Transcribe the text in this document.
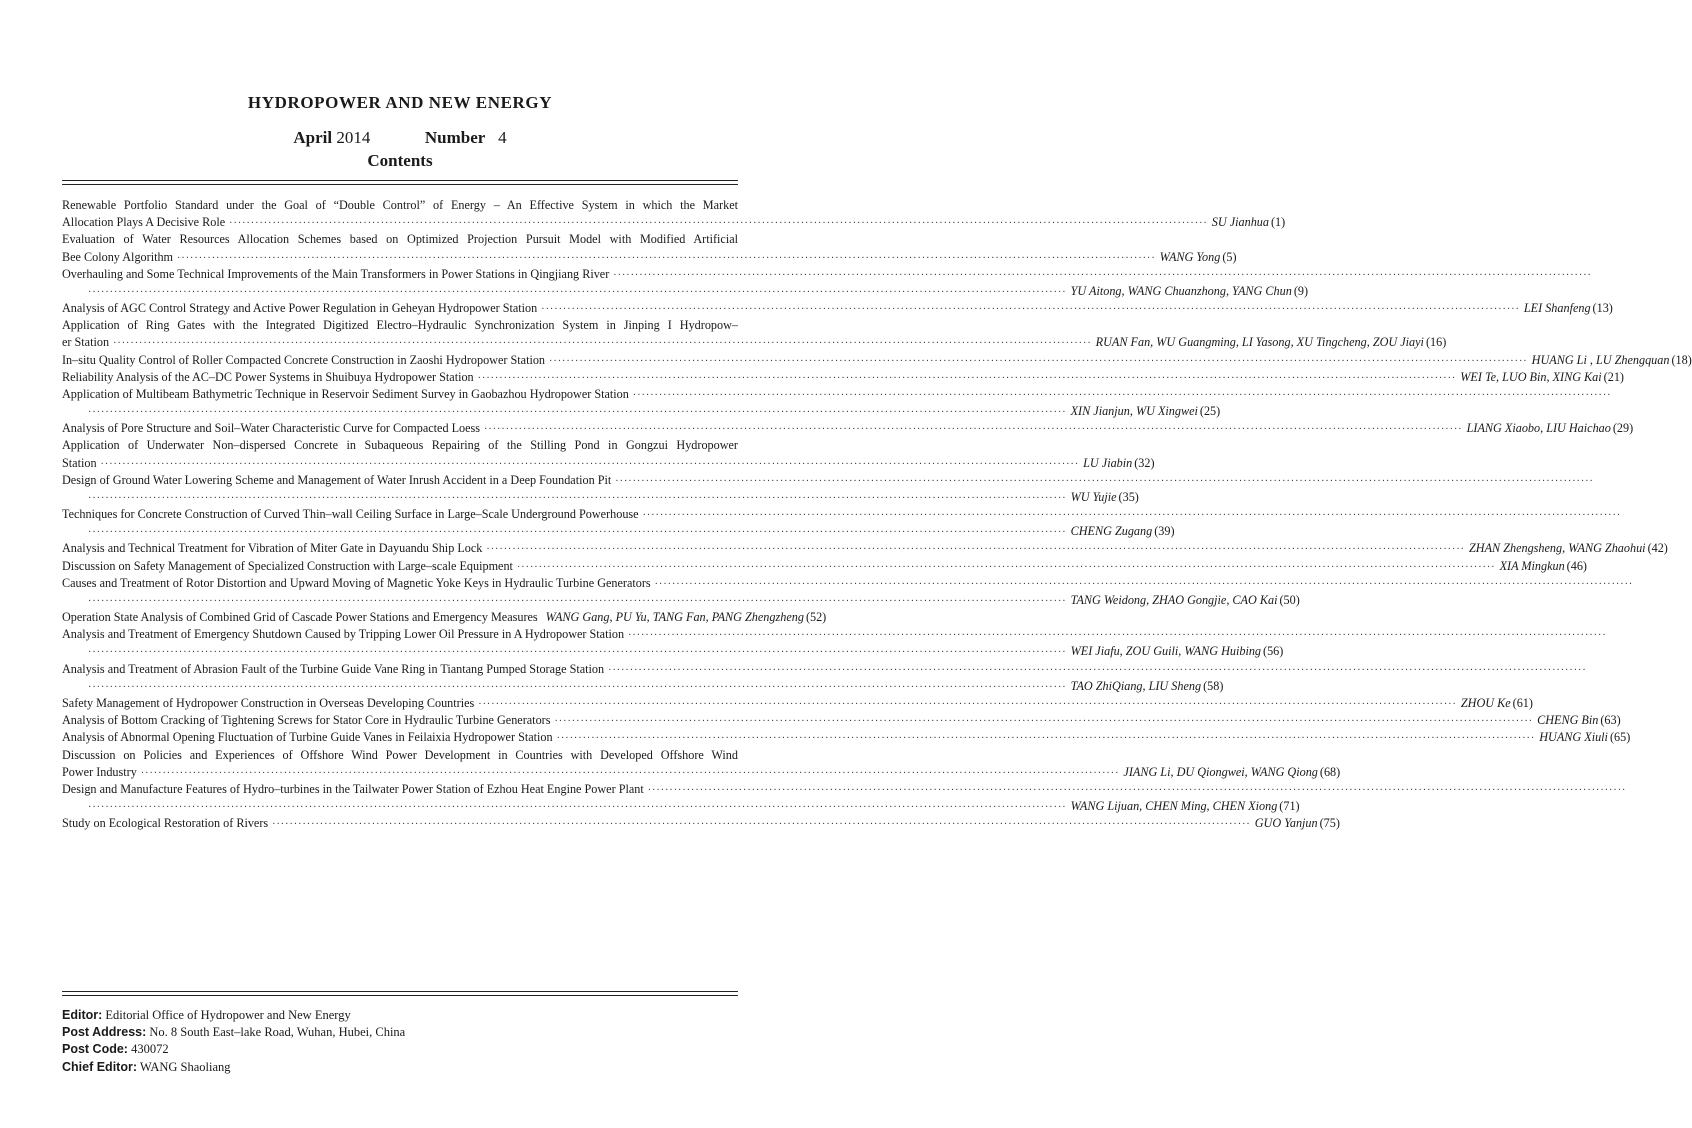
HYDROPOWER AND NEW ENERGY
April 2014	Number 4
Contents
Renewable Portfolio Standard under the Goal of “Double Control” of Energy – An Effective System in which the Market
Allocation Plays A Decisive Role ·····	SU Jianhua (1)
Evaluation of Water Resources Allocation Schemes based on Optimized Projection Pursuit Model with Modified Artificial
Bee Colony Algorithm ·····	WANG Yong (5)
Overhauling and Some Technical Improvements of the Main Transformers in Power Stations in Qingjiang River
·····
·····
YU Aitong, WANG Chuanzhong, YANG Chun (9)
Analysis of AGC Control Strategy and Active Power Regulation in Geheyan Hydropower Station ·····	LEI Shanfeng (13)
Application of Ring Gates with the Integrated Digitized Electro–Hydraulic Synchronization System in Jinping I Hydropow–
er Station ·····	RUAN Fan, WU Guangming, LI Yasong, XU Tingcheng, ZOU Jiayi (16)
In–situ Quality Control of Roller Compacted Concrete Construction in Zaoshi Hydropower Station ·····	HUANG Li , LU Zhengquan (18)
Reliability Analysis of the AC–DC Power Systems in Shuibuya Hydropower Station ·····	WEI Te, LUO Bin, XING Kai (21)
Application of Multibeam Bathymetric Technique in Reservoir Sediment Survey in Gaobazhou Hydropower Station
·····
·····
XIN Jianjun, WU Xingwei (25)
Analysis of Pore Structure and Soil–Water Characteristic Curve for Compacted Loess ·····	LIANG Xiaobo, LIU Haichao (29)
Application of Underwater Non–dispersed Concrete in Subaqueous Repairing of the Stilling Pond in Gongzui Hydropower
Station ·····	LU Jiabin (32)
Design of Ground Water Lowering Scheme and Management of Water Inrush Accident in a Deep Foundation Pit
·····
·····
WU Yujie (35)
Techniques for Concrete Construction of Curved Thin–wall Ceiling Surface in Large–Scale Underground Powerhouse
·····
·····
CHENG Zugang (39)
Analysis and Technical Treatment for Vibration of Miter Gate in Dayuandu Ship Lock ·····	ZHAN Zhengsheng, WANG Zhaohui (42)
Discussion on Safety Management of Specialized Construction with Large–scale Equipment ·····	XIA Mingkun (46)
Causes and Treatment of Rotor Distortion and Upward Moving of Magnetic Yoke Keys in Hydraulic Turbine Generators
·····
·····
TANG Weidong, ZHAO Gongjie, CAO Kai (50)
Operation State Analysis of Combined Grid of Cascade Power Stations and Emergency Measures WANG Gang, PU Yu, TANG Fan, PANG Zhengzheng (52)
Analysis and Treatment of Emergency Shutdown Caused by Tripping Lower Oil Pressure in A Hydropower Station
·····
·····
WEI Jiafu, ZOU Guili, WANG Huibing (56)
Analysis and Treatment of Abrasion Fault of the Turbine Guide Vane Ring in Tiantang Pumped Storage Station
·····
·····
TAO ZhiQiang, LIU Sheng (58)
Safety Management of Hydropower Construction in Overseas Developing Countries ·····	ZHOU Ke (61)
Analysis of Bottom Cracking of Tightening Screws for Stator Core in Hydraulic Turbine Generators ·····	CHENG Bin (63)
Analysis of Abnormal Opening Fluctuation of Turbine Guide Vanes in Feilaixia Hydropower Station ·····	HUANG Xiuli (65)
Discussion on Policies and Experiences of Offshore Wind Power Development in Countries with Developed Offshore Wind
Power Industry ·····	JIANG Li, DU Qiongwei, WANG Qiong (68)
Design and Manufacture Features of Hydro–turbines in the Tailwater Power Station of Ezhou Heat Engine Power Plant
·····
·····
WANG Lijuan, CHEN Ming, CHEN Xiong (71)
Study on Ecological Restoration of Rivers ·····	GUO Yanjun (75)
Editor: Editorial Office of Hydropower and New Energy
Post Address: No. 8 South East–lake Road, Wuhan, Hubei, China
Post Code: 430072
Chief Editor: WANG Shaoliang
